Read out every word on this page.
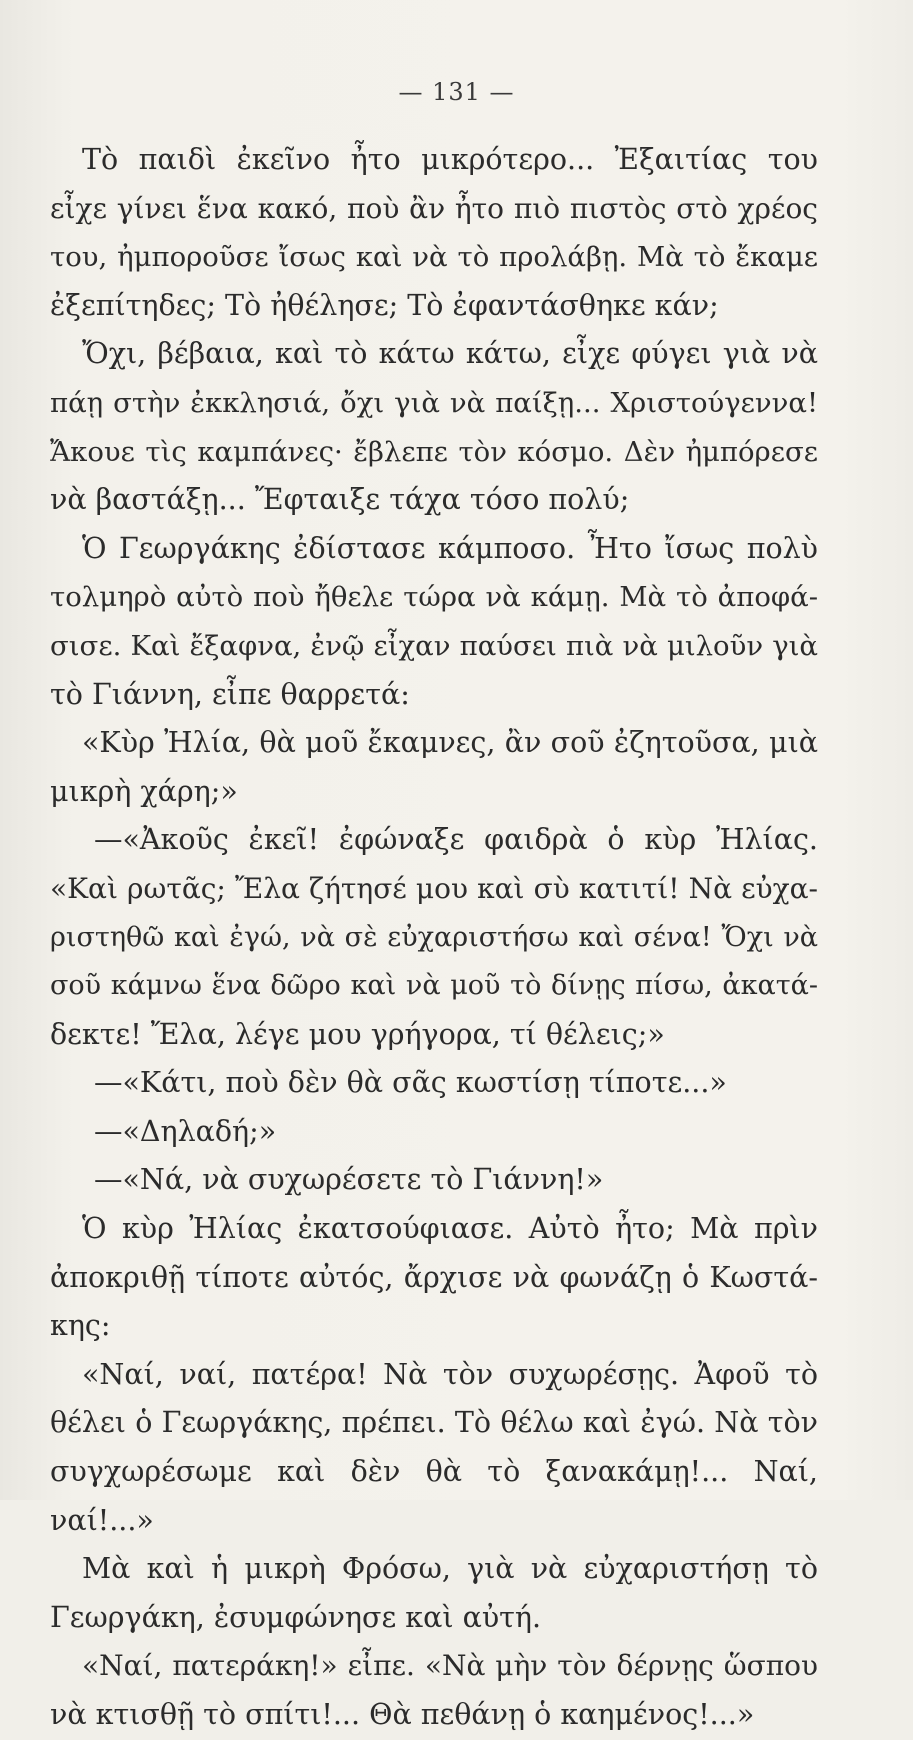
— 131 —
Τὸ παιδὶ ἐκεῖνο ἦτο μικρότερο... Ἐξαιτίας του
εἶχε γίνει ἕνα κακό, ποὺ ἂν ἦτο πιὸ πιστὸς στὸ χρέος
του, ἠμποροῦσε ἴσως καὶ νὰ τὸ προλάβῃ. Μὰ τὸ ἔκαμε
ἐξεπίτηδες; Τὸ ἠθέλησε; Τὸ ἐφαντάσθηκε κάν;
Ὄχι, βέβαια, καὶ τὸ κάτω κάτω, εἶχε φύγει γιὰ νὰ
πάῃ στὴν ἐκκλησιά, ὄχι γιὰ νὰ παίξῃ... Χριστούγεννα!
Ἄκουε τὶς καμπάνες· ἔβλεπε τὸν κόσμο. Δὲν ἠμπόρεσε
νὰ βαστάξῃ... Ἔφταιξε τάχα τόσο πολύ;
Ὁ Γεωργάκης ἐδίστασε κάμποσο. Ἦτο ἴσως πολὺ
τολμηρὸ αὐτὸ ποὺ ἤθελε τώρα νὰ κάμῃ. Μὰ τὸ ἀποφά-
σισε. Καὶ ἔξαφνα, ἐνῷ εἶχαν παύσει πιὰ νὰ μιλοῦν γιὰ
τὸ Γιάννη, εἶπε θαρρετά:
«Κὺρ Ἠλία, θὰ μοῦ ἔκαμνες, ἂν σοῦ ἐζητοῦσα, μιὰ
μικρὴ χάρη;»
—«Ἀκοῦς ἐκεῖ! ἐφώναξε φαιδρὰ ὁ κὺρ Ἠλίας.
«Καὶ ρωτᾶς; Ἔλα ζήτησέ μου καὶ σὺ κατιτί! Νὰ εὐχα-
ριστηθῶ καὶ ἐγώ, νὰ σὲ εὐχαριστήσω καὶ σένα! Ὄχι νὰ
σοῦ κάμνω ἕνα δῶρο καὶ νὰ μοῦ τὸ δίνῃς πίσω, ἀκατά-
δεκτε! Ἔλα, λέγε μου γρήγορα, τί θέλεις;»
—«Κάτι, ποὺ δὲν θὰ σᾶς κωστίσῃ τίποτε...»
—«Δηλαδή;»
—«Νά, νὰ συχωρέσετε τὸ Γιάννη!»
Ὁ κὺρ Ἠλίας ἐκατσούφιασε. Αὐτὸ ἦτο; Μὰ πρὶν
ἀποκριθῇ τίποτε αὐτός, ἄρχισε νὰ φωνάζῃ ὁ Κωστά-
κης:
«Ναί, ναί, πατέρα! Νὰ τὸν συχωρέσῃς. Ἀφοῦ τὸ
θέλει ὁ Γεωργάκης, πρέπει. Τὸ θέλω καὶ ἐγώ. Νὰ τὸν
συγχωρέσωμε καὶ δὲν θὰ τὸ ξανακάμῃ!... Ναί,
ναί!...»
Μὰ καὶ ἡ μικρὴ Φρόσω, γιὰ νὰ εὐχαριστήσῃ τὸ
Γεωργάκη, ἐσυμφώνησε καὶ αὐτή.
«Ναί, πατεράκη!» εἶπε. «Νὰ μὴν τὸν δέρνῃς ὥσπου
νὰ κτισθῇ τὸ σπίτι!... Θὰ πεθάνῃ ὁ καημένος!...»
